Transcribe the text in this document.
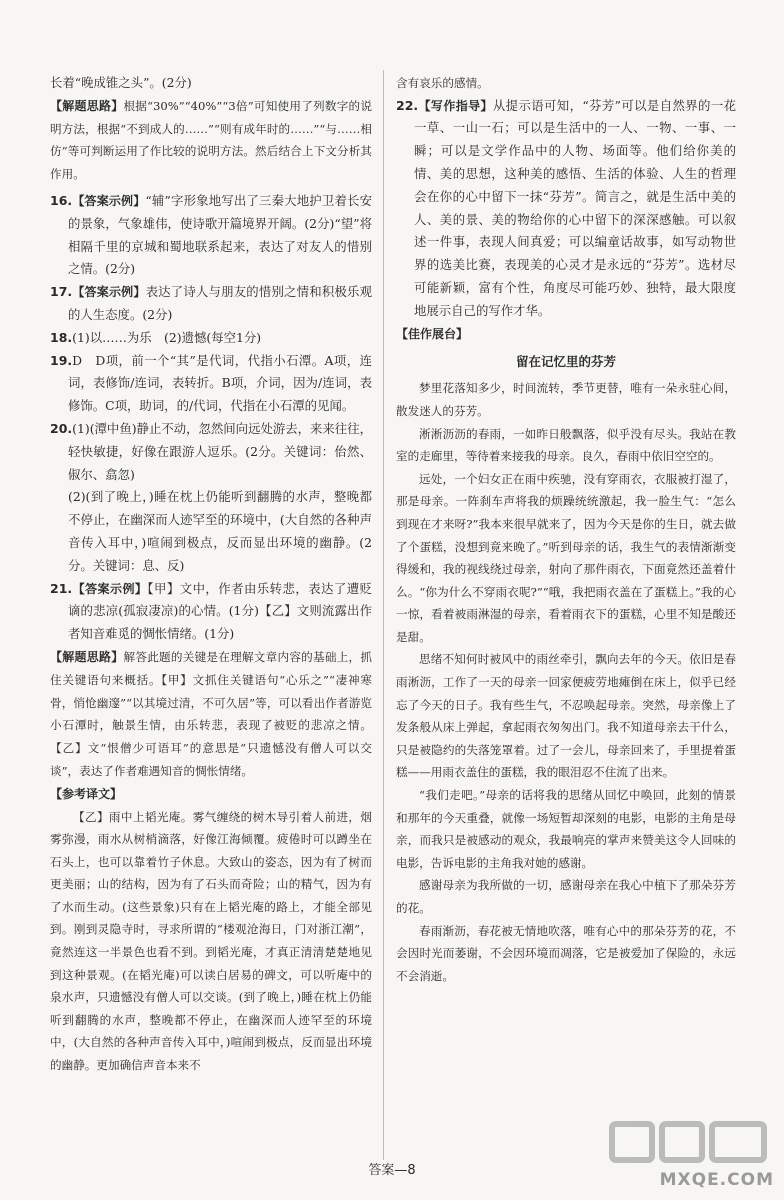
长着“晚成锥之头”。(2分)

【解题思路】根据“30%”“40%”“3倍”可知使用了列数字的说明方法，根据“不到成人的……”“则有成年时的……”“与……相仿”等可判断运用了作比较的说明方法。然后结合上下文分析其作用。

16.【答案示例】“辅”字形象地写出了三秦大地护卫着长安的景象，气象雄伟，使诗歌开篇境界开阔。(2分)“望”将相隔千里的京城和蜀地联系起来，表达了对友人的惜别之情。(2分)

17.【答案示例】表达了诗人与朋友的惜别之情和积极乐观的人生态度。(2分)

18.(1)以……为乐　(2)遗憾(每空1分)

19.D　D项，前一个“其”是代词，代指小石潭。A项，连词，表修饰/连词，表转折。B项，介词，因为/连词，表修饰。C项，助词，的/代词，代指在小石潭的见闻。

20.(1)(潭中鱼)静止不动，忽然间向远处游去，来来往往，轻快敏捷，好像在跟游人逗乐。(2分。关键词：佁然、俶尔、翕忽)

(2)(到了晚上，)睡在枕上仍能听到翻腾的水声，整晚都不停止，在幽深而人迹罕至的环境中，(大自然的各种声音传入耳中，)喧闹到极点，反而显出环境的幽静。(2分。关键词：息、反)

21.【答案示例】【甲】文中，作者由乐转悲，表达了遭贬谪的悲凉(孤寂凄凉)的心情。(1分)【乙】文则流露出作者知音难觅的惆怅情绪。(1分)

【解题思路】解答此题的关键是在理解文章内容的基础上，抓住关键语句来概括。【甲】文抓住关键语句“心乐之”“凄神寒骨，悄怆幽邃”“以其境过清，不可久居”等，可以看出作者游览小石潭时，触景生情，由乐转悲，表现了被贬的悲凉之情。【乙】文“恨僧少可语耳”的意思是“只遗憾没有僧人可以交谈”，表达了作者难遇知音的惆怅情绪。

【参考译文】

【乙】雨中上韬光庵。雾气缠绕的树木导引着人前进，烟雾弥漫，雨水从树梢滴落，好像江海倾覆。疲倦时可以蹲坐在石头上，也可以靠着竹子休息。大致山的姿态，因为有了树而更美丽；山的结构，因为有了石头而奇险；山的精气，因为有了水而生动。(这些景象)只有在上韬光庵的路上，才能全部见到。刚到灵隐寺时，寻求所谓的“楼观沧海日，门对浙江潮”，竟然连这一半景色也看不到。到韬光庵，才真正清清楚楚地见到这种景观。(在韬光庵)可以读白居易的碑文，可以听庵中的泉水声，只遗憾没有僧人可以交谈。(到了晚上，)睡在枕上仍能听到翻腾的水声，整晚都不停止，在幽深而人迹罕至的环境中，(大自然的各种声音传入耳中，)喧闹到极点，反而显出环境的幽静。更加确信声音本来不

含有哀乐的感情。

22.【写作指导】从提示语可知，“芬芳”可以是自然界的一花一草、一山一石；可以是生活中的一人、一物、一事、一瞬；可以是文学作品中的人物、场面等。他们给你美的情、美的思想，这种美的感悟、生活的体验、人生的哲理会在你的心中留下一抹“芬芳”。简言之，就是生活中美的人、美的景、美的物给你的心中留下的深深感触。可以叙述一件事，表现人间真爱；可以编童话故事，如写动物世界的选美比赛，表现美的心灵才是永远的“芬芳”。选材尽可能新颖，富有个性，角度尽可能巧妙、独特，最大限度地展示自己的写作才华。

【佳作展台】

留在记忆里的芬芳

梦里花落知多少，时间流转，季节更替，唯有一朵永驻心间，散发迷人的芬芳。

淅淅沥沥的春雨，一如昨日般飘落，似乎没有尽头。我站在教室的走廊里，等待着来接我的母亲。良久，春雨中依旧空空的。

远处，一个妇女正在雨中疾驰，没有穿雨衣，衣服被打湿了，那是母亲。一阵刹车声将我的烦躁统统激起，我一脸生气：“怎么到现在才来呀?”我本来很早就来了，因为今天是你的生日，就去做了个蛋糕，没想到竟来晚了。”听到母亲的话，我生气的表情渐渐变得缓和，我的视线绕过母亲，射向了那件雨衣，下面竟然还盖着什么。“你为什么不穿雨衣呢?”“哦，我把雨衣盖在了蛋糕上。”我的心一惊，看着被雨淋湿的母亲，看着雨衣下的蛋糕，心里不知是酸还是甜。

思绪不知何时被风中的雨丝牵引，飘向去年的今天。依旧是春雨淅沥，工作了一天的母亲一回家便疲劳地瘫倒在床上，似乎已经忘了今天的日子。我有些生气，不忍唤起母亲。突然，母亲像上了发条般从床上弹起，拿起雨衣匆匆出门。我不知道母亲去干什么，只是被隐约的失落笼罩着。过了一会儿，母亲回来了，手里提着蛋糕——用雨衣盖住的蛋糕，我的眼泪忍不住流了出来。

“我们走吧。”母亲的话将我的思绪从回忆中唤回，此刻的情景和那年的今天重叠，就像一场短暂却深刻的电影，电影的主角是母亲，而我只是被感动的观众，我最响亮的掌声来赞美这令人回味的电影，告诉电影的主角我对她的感谢。

感谢母亲为我所做的一切，感谢母亲在我心中植下了那朵芬芳的花。

春雨渐沥，春花被无情地吹落，唯有心中的那朵芬芳的花，不会因时光而萎谢，不会因环境而凋落，它是被爱加了保险的，永远不会消逝。

答案—8	MXQE.COM
